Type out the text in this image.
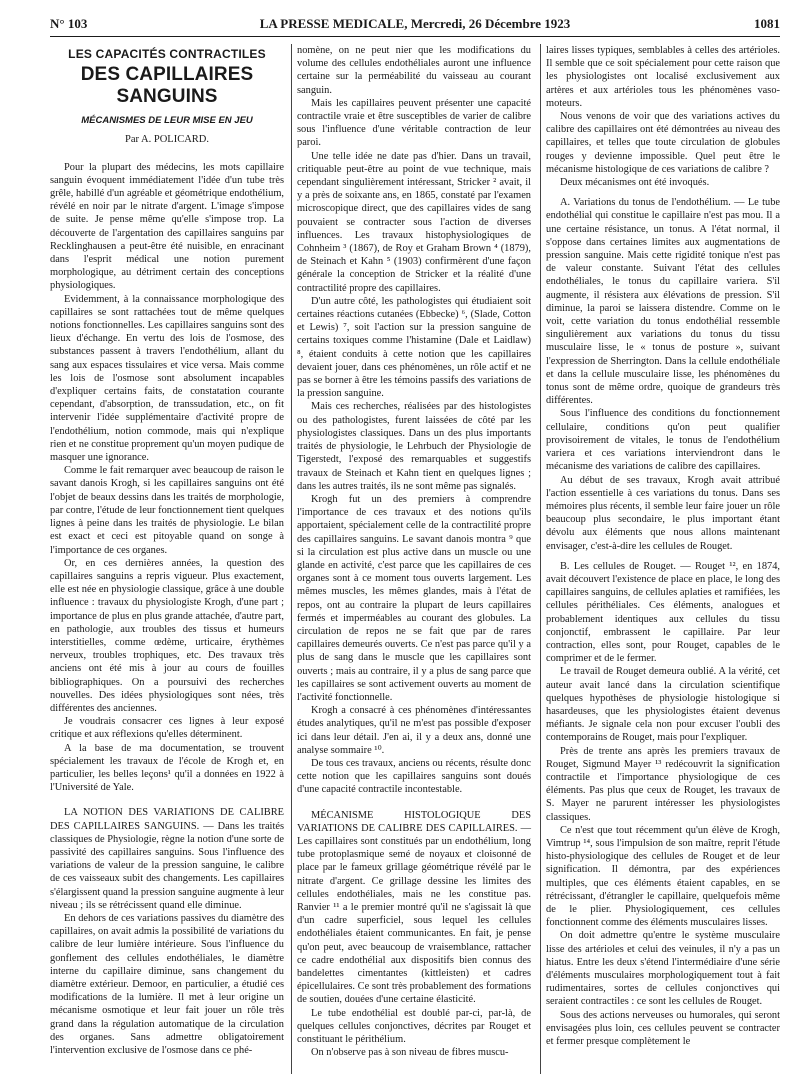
N° 103	LA PRESSE MEDICALE, Mercredi, 26 Décembre 1923	1081
LES CAPACITÉS CONTRACTILES
DES CAPILLAIRES SANGUINS
MÉCANISMES DE LEUR MISE EN JEU
Par A. POLICARD.

Pour la plupart des médecins, les mots capillaire sanguin évoquent immédiatement l'idée d'un tube très grêle, habillé d'un agréable et géométrique endothélium, révélé en noir par le nitrate d'argent. L'image s'impose de suite. Je pense même qu'elle s'impose trop. La découverte de l'argentation des capillaires sanguins par Recklinghausen a peut-être été nuisible, en enracinant dans l'esprit médical une notion purement morphologique, au détriment certain des conceptions physiologiques.

Evidemment, à la connaissance morphologique des capillaires se sont rattachées tout de même quelques notions fonctionnelles. Les capillaires sanguins sont des lieux d'échange. En vertu des lois de l'osmose, des substances passent à travers l'endothélium, allant du sang aux espaces tissulaires et vice versa. Mais comme les lois de l'osmose sont absolument incapables d'expliquer certains faits, de constatation courante cependant, d'absorption, de transsudation, etc., on fit intervenir l'idée supplémentaire d'activité propre de l'endothélium, notion commode, mais qui n'explique rien et ne constitue proprement qu'un moyen pudique de masquer une ignorance.

Comme le fait remarquer avec beaucoup de raison le savant danois Krogh, si les capillaires sanguins ont été l'objet de beaux dessins dans les traités de morphologie, par contre, l'étude de leur fonctionnement tient quelques lignes à peine dans les traités de physiologie. Le bilan est exact et ceci est pitoyable quand on songe à l'importance de ces organes.

Or, en ces dernières années, la question des capillaires sanguins a repris vigueur. Plus exactement, elle est née en physiologie classique, grâce à une double influence : travaux du physiologiste Krogh, d'une part ; importance de plus en plus grande attachée, d'autre part, en pathologie, aux troubles des tissus et humeurs interstitielles, comme œdème, urticaire, érythèmes nerveux, troubles trophiques, etc. Des travaux très anciens ont été mis à jour au cours de fouilles bibliographiques. On a poursuivi des recherches nouvelles. Des idées physiologiques sont nées, très différentes des anciennes.

Je voudrais consacrer ces lignes à leur exposé critique et aux réflexions qu'elles déterminent.

A la base de ma documentation, se trouvent spécialement les travaux de l'école de Krogh et, en particulier, les belles leçons¹ qu'il a données en 1922 à l'Université de Yale.

LA NOTION DES VARIATIONS DE CALIBRE DES CAPILLAIRES SANGUINS. — Dans les traités classiques de Physiologie, règne la notion d'une sorte de passivité des capillaires sanguins. Sous l'influence des variations de valeur de la pression sanguine, le calibre de ces vaisseaux subit des changements. Les capillaires s'élargissent quand la pression sanguine augmente à leur niveau ; ils se rétrécissent quand elle diminue.

En dehors de ces variations passives du diamètre des capillaires, on avait admis la possibilité de variations du calibre de leur lumière intérieure. Sous l'influence du gonflement des cellules endothéliales, le diamètre interne du capillaire diminue, sans changement du diamètre extérieur. Demoor, en particulier, a étudié ces modifications de la lumière. Il met à leur origine un mécanisme osmotique et leur fait jouer un rôle très grand dans la régulation automatique de la circulation des organes. Sans admettre obligatoirement l'intervention exclusive de l'osmose dans ce phé-

nomène, on ne peut nier que les modifications du volume des cellules endothéliales auront une influence certaine sur la perméabilité du vaisseau au courant sanguin.

Mais les capillaires peuvent présenter une capacité contractile vraie et être susceptibles de varier de calibre sous l'influence d'une véritable contraction de leur paroi.

Une telle idée ne date pas d'hier. Dans un travail, critiquable peut-être au point de vue technique, mais cependant singulièrement intéressant, Stricker ² avait, il y a près de soixante ans, en 1865, constaté par l'examen microscopique direct, que des capillaires vides de sang pouvaient se contracter sous l'action de diverses influences. Les travaux histophysiologiques de Cohnheim ³ (1867), de Roy et Graham Brown ⁴ (1879), de Steinach et Kahn ⁵ (1903) confirmèrent d'une façon générale la conception de Stricker et la réalité d'une contractilité propre des capillaires.

D'un autre côté, les pathologistes qui étudiaient soit certaines réactions cutanées (Ebbecke) ⁶, (Slade, Cotton et Lewis) ⁷, soit l'action sur la pression sanguine de certains toxiques comme l'histamine (Dale et Laidlaw) ⁸, étaient conduits à cette notion que les capillaires devaient jouer, dans ces phénomènes, un rôle actif et ne pas se borner à être les témoins passifs des variations de la pression sanguine.

Mais ces recherches, réalisées par des histologistes ou des pathologistes, furent laissées de côté par les physiologistes classiques. Dans un des plus importants traités de physiologie, le Lehrbuch der Physiologie de Tigerstedt, l'exposé des remarquables et suggestifs travaux de Steinach et Kahn tient en quelques lignes ; dans les autres traités, ils ne sont même pas signalés.

Krogh fut un des premiers à comprendre l'importance de ces travaux et des notions qu'ils apportaient, spécialement celle de la contractilité propre des capillaires sanguins. Le savant danois montra ⁹ que si la circulation est plus active dans un muscle ou une glande en activité, c'est parce que les capillaires de ces organes sont à ce moment tous ouverts largement. Les mêmes muscles, les mêmes glandes, mais à l'état de repos, ont au contraire la plupart de leurs capillaires fermés et imperméables au courant des globules. La circulation de repos ne se fait que par de rares capillaires demeurés ouverts. Ce n'est pas parce qu'il y a plus de sang dans le muscle que les capillaires sont ouverts ; mais au contraire, il y a plus de sang parce que les capillaires se sont activement ouverts au moment de l'activité fonctionnelle.

Krogh a consacré à ces phénomènes d'intéressantes études analytiques, qu'il ne m'est pas possible d'exposer ici dans leur détail. J'en ai, il y a deux ans, donné une analyse sommaire ¹⁰.

De tous ces travaux, anciens ou récents, résulte donc cette notion que les capillaires sanguins sont doués d'une capacité contractile incontestable.

MÉCANISME HISTOLOGIQUE DES VARIATIONS DE CALIBRE DES CAPILLAIRES. — Les capillaires sont constitués par un endothélium, long tube protoplasmique semé de noyaux et cloisonné de place par le fameux grillage géométrique révélé par le nitrate d'argent. Ce grillage dessine les limites des cellules endothéliales, mais ne les constitue pas. Ranvier ¹¹ a le premier montré qu'il ne s'agissait là que d'un cadre superficiel, sous lequel les cellules endothéliales étaient communicantes. En fait, je pense qu'on peut, avec beaucoup de vraisemblance, rattacher ce cadre endothélial aux dispositifs bien connus des bandelettes cimentantes (kittleisten) et cadres épicellulaires. Ce sont très probablement des formations de soutien, douées d'une certaine élasticité.

Le tube endothélial est doublé par-ci, par-là, de quelques cellules conjonctives, décrites par Rouget et constituant le périthélium.

On n'observe pas à son niveau de fibres muscu-

laires lisses typiques, semblables à celles des artérioles. Il semble que ce soit spécialement pour cette raison que les physiologistes ont localisé exclusivement aux artères et aux artérioles tous les phénomènes vaso-moteurs.

Nous venons de voir que des variations actives du calibre des capillaires ont été démontrées au niveau des capillaires, et telles que toute circulation de globules rouges y devienne impossible. Quel peut être le mécanisme histologique de ces variations de calibre ?

Deux mécanismes ont été invoqués.

A. Variations du tonus de l'endothélium. — Le tube endothélial qui constitue le capillaire n'est pas mou. Il a une certaine résistance, un tonus. A l'état normal, il s'oppose dans certaines limites aux augmentations de pression sanguine. Mais cette rigidité tonique n'est pas de valeur constante. Suivant l'état des cellules endothéliales, le tonus du capillaire variera. S'il augmente, il résistera aux élévations de pression. S'il diminue, la paroi se laissera distendre. Comme on le voit, cette variation du tonus endothélial ressemble singulièrement aux variations du tonus du tissu musculaire lisse, le « tonus de posture », suivant l'expression de Sherrington. Dans la cellule endothéliale et dans la cellule musculaire lisse, les phénomènes du tonus sont de même ordre, quoique de grandeurs très différentes.

Sous l'influence des conditions du fonctionnement cellulaire, conditions qu'on peut qualifier provisoirement de vitales, le tonus de l'endothélium variera et ces variations interviendront dans le mécanisme des variations de calibre des capillaires.

Au début de ses travaux, Krogh avait attribué l'action essentielle à ces variations du tonus. Dans ses mémoires plus récents, il semble leur faire jouer un rôle beaucoup plus secondaire, le plus important étant dévolu aux éléments que nous allons maintenant envisager, c'est-à-dire les cellules de Rouget.

B. Les cellules de Rouget. — Rouget ¹², en 1874, avait découvert l'existence de place en place, le long des capillaires sanguins, de cellules aplaties et ramifiées, les cellules périthéliales. Ces éléments, analogues et probablement identiques aux cellules du tissu conjonctif, embrassent le capillaire. Par leur contraction, elles sont, pour Rouget, capables de le comprimer et de le fermer.

Le travail de Rouget demeura oublié. A la vérité, cet auteur avait lancé dans la circulation scientifique quelques hypothèses de physiologie histologique si hasardeuses, que les physiologistes étaient devenus méfiants. Je signale cela non pour excuser l'oubli des contemporains de Rouget, mais pour l'expliquer.

Près de trente ans après les premiers travaux de Rouget, Sigmund Mayer ¹³ redécouvrit la signification contractile et l'importance physiologique de ces éléments. Pas plus que ceux de Rouget, les travaux de S. Mayer ne parurent intéresser les physiologistes classiques.

Ce n'est que tout récemment qu'un élève de Krogh, Vimtrup ¹⁴, sous l'impulsion de son maître, reprit l'étude histo-physiologique des cellules de Rouget et de leur signification. Il démontra, par des expériences multiples, que ces éléments étaient capables, en se rétrécissant, d'étrangler le capillaire, quelquefois même de le plier. Physiologiquement, ces cellules fonctionnent comme des éléments musculaires lisses.

On doit admettre qu'entre le système musculaire lisse des artérioles et celui des veinules, il n'y a pas un hiatus. Entre les deux s'étend l'intermédiaire d'une série d'éléments musculaires morphologiquement tout à fait rudimentaires, sortes de cellules conjonctives qui seraient contractiles : ce sont les cellules de Rouget.

Sous des actions nerveuses ou humorales, qui seront envisagées plus loin, ces cellules peuvent se contracter et fermer presque complètement le
